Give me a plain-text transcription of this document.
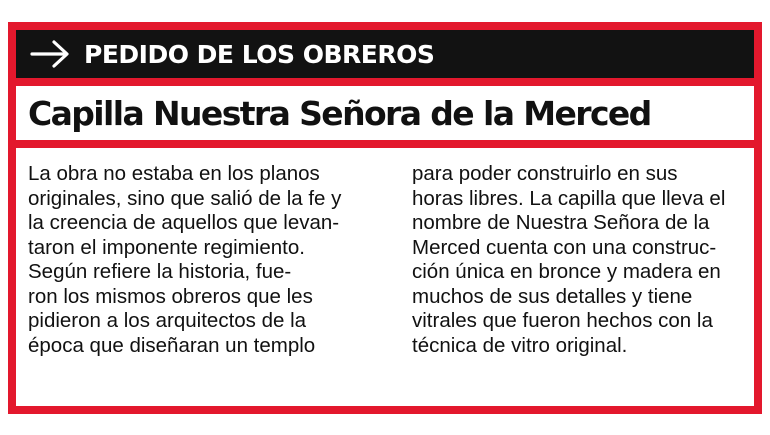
PEDIDO DE LOS OBREROS
Capilla Nuestra Señora de la Merced
La obra no estaba en los planos
originales, sino que salió de la fe y
la creencia de aquellos que levan-
taron el imponente regimiento.
Según refiere la historia, fue-
ron los mismos obreros que les
pidieron a los arquitectos de la
época que diseñaran un templo
para poder construirlo en sus
horas libres. La capilla que lleva el
nombre de Nuestra Señora de la
Merced cuenta con una construc-
ción única en bronce y madera en
muchos de sus detalles y tiene
vitrales que fueron hechos con la
técnica de vitro original.
